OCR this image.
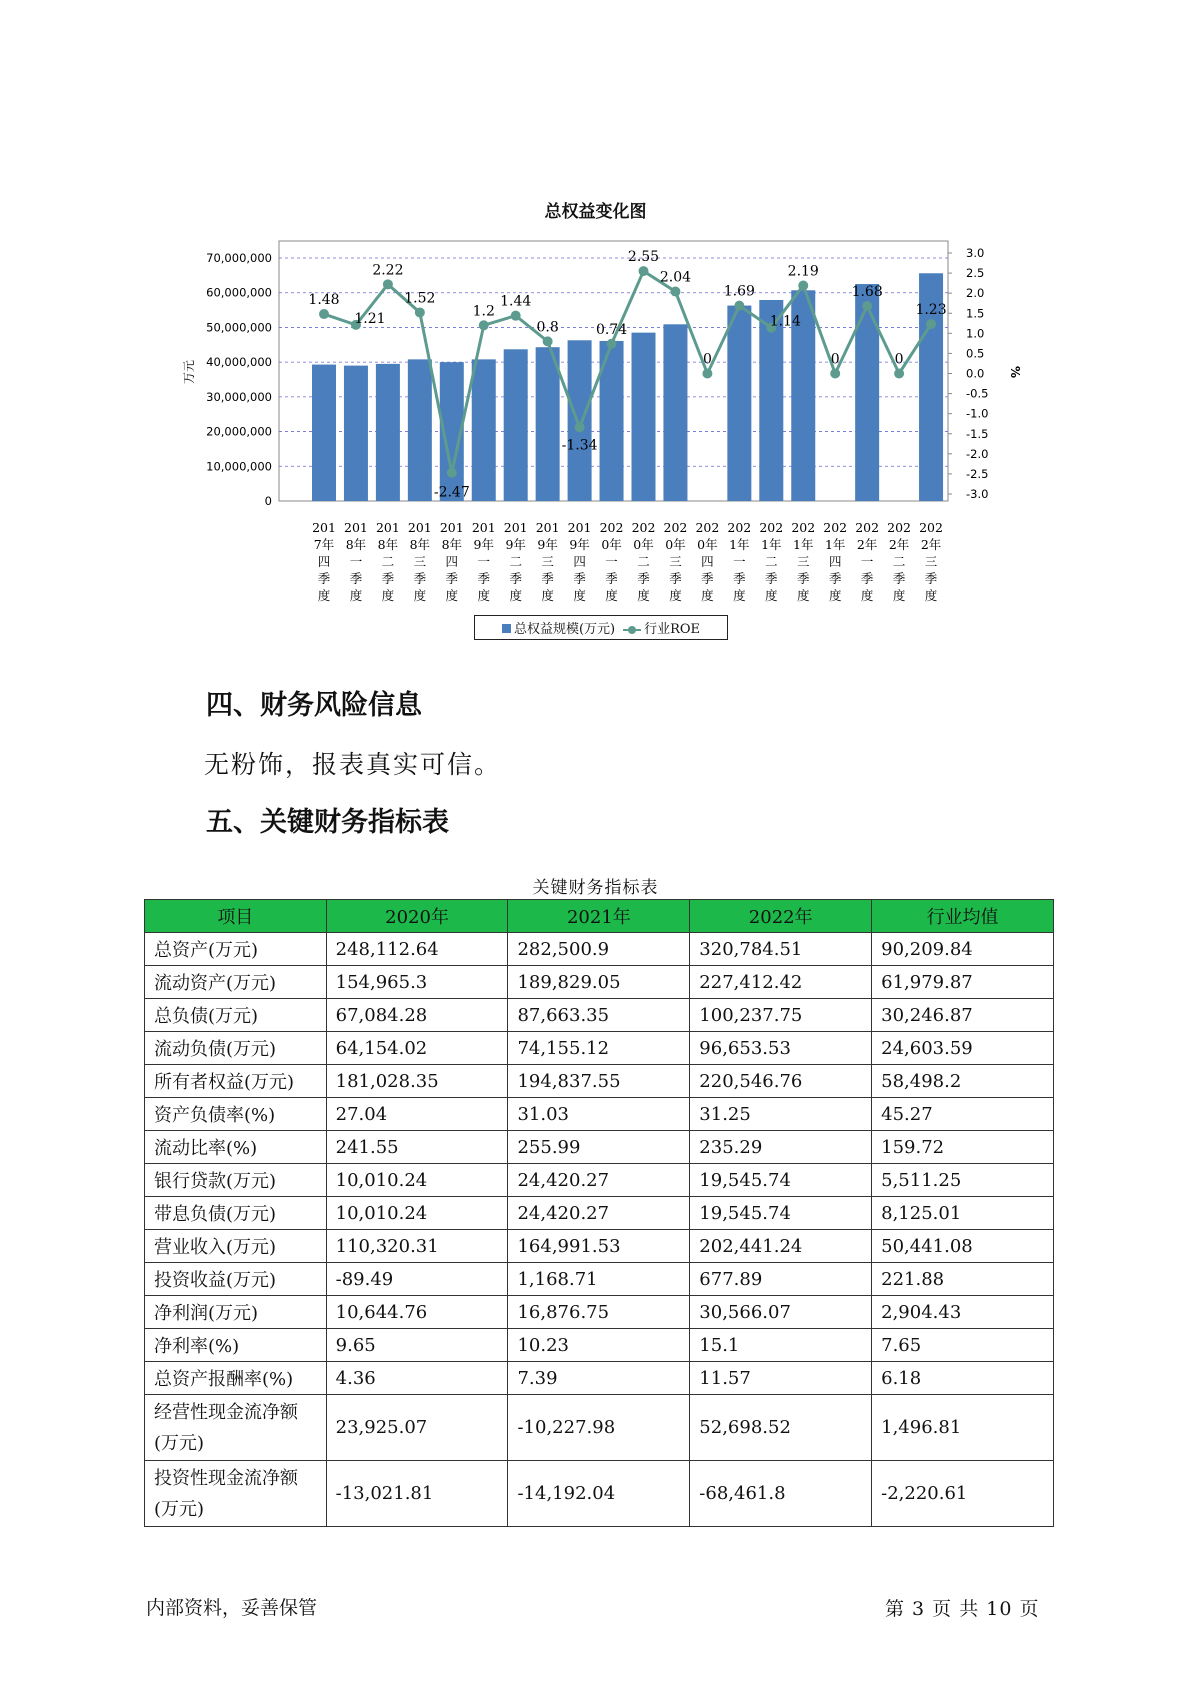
总权益变化图
0
10,000,000
20,000,000
30,000,000
40,000,000
50,000,000
60,000,000
70,000,000	3.0
2.5
2.0
1.5
1.0
0.5
0.0
-0.5
-1.0
-1.5
-2.0
-2.5
-3.0
万元	%
201
7年
四
季
度
201
8年
一
季
度
201
8年
二
季
度
201
8年
三
季
度
201
8年
四
季
度
201
9年
一
季
度
201
9年
二
季
度
201
9年
三
季
度
201
9年
四
季
度
202
0年
一
季
度
202
0年
二
季
度
202
0年
三
季
度
202
0年
四
季
度
202
1年
一
季
度
202
1年
二
季
度
202
1年
三
季
度
202
1年
四
季
度
202
2年
一
季
度
202
2年
二
季
度
202
2年
三
季
度
1.48
1.21
2.22
1.52
-2.47
1.2
1.44
0.8
-1.34
0.74
2.55
2.04
0
1.69
1.14
2.19
0
1.68
0
1.23
总权益规模(万元)	行业ROE
四、财务风险信息
无粉饰，报表真实可信。
五、关键财务指标表
关键财务指标表
项目	2020年	2021年	2022年	行业均值
总资产(万元)	248,112.64	282,500.9	320,784.51	90,209.84
流动资产(万元)	154,965.3	189,829.05	227,412.42	61,979.87
总负债(万元)	67,084.28	87,663.35	100,237.75	30,246.87
流动负债(万元)	64,154.02	74,155.12	96,653.53	24,603.59
所有者权益(万元)	181,028.35	194,837.55	220,546.76	58,498.2
资产负债率(%)	27.04	31.03	31.25	45.27
流动比率(%)	241.55	255.99	235.29	159.72
银行贷款(万元)	10,010.24	24,420.27	19,545.74	5,511.25
带息负债(万元)	10,010.24	24,420.27	19,545.74	8,125.01
营业收入(万元)	110,320.31	164,991.53	202,441.24	50,441.08
投资收益(万元)	-89.49	1,168.71	677.89	221.88
净利润(万元)	10,644.76	16,876.75	30,566.07	2,904.43
净利率(%)	9.65	10.23	15.1	7.65
总资产报酬率(%)	4.36	7.39	11.57	6.18
经营性现金流净额(万元)	23,925.07	-10,227.98	52,698.52	1,496.81
投资性现金流净额(万元)	-13,021.81	-14,192.04	-68,461.8	-2,220.61
内部资料，妥善保管	第 3 页 共 10 页
